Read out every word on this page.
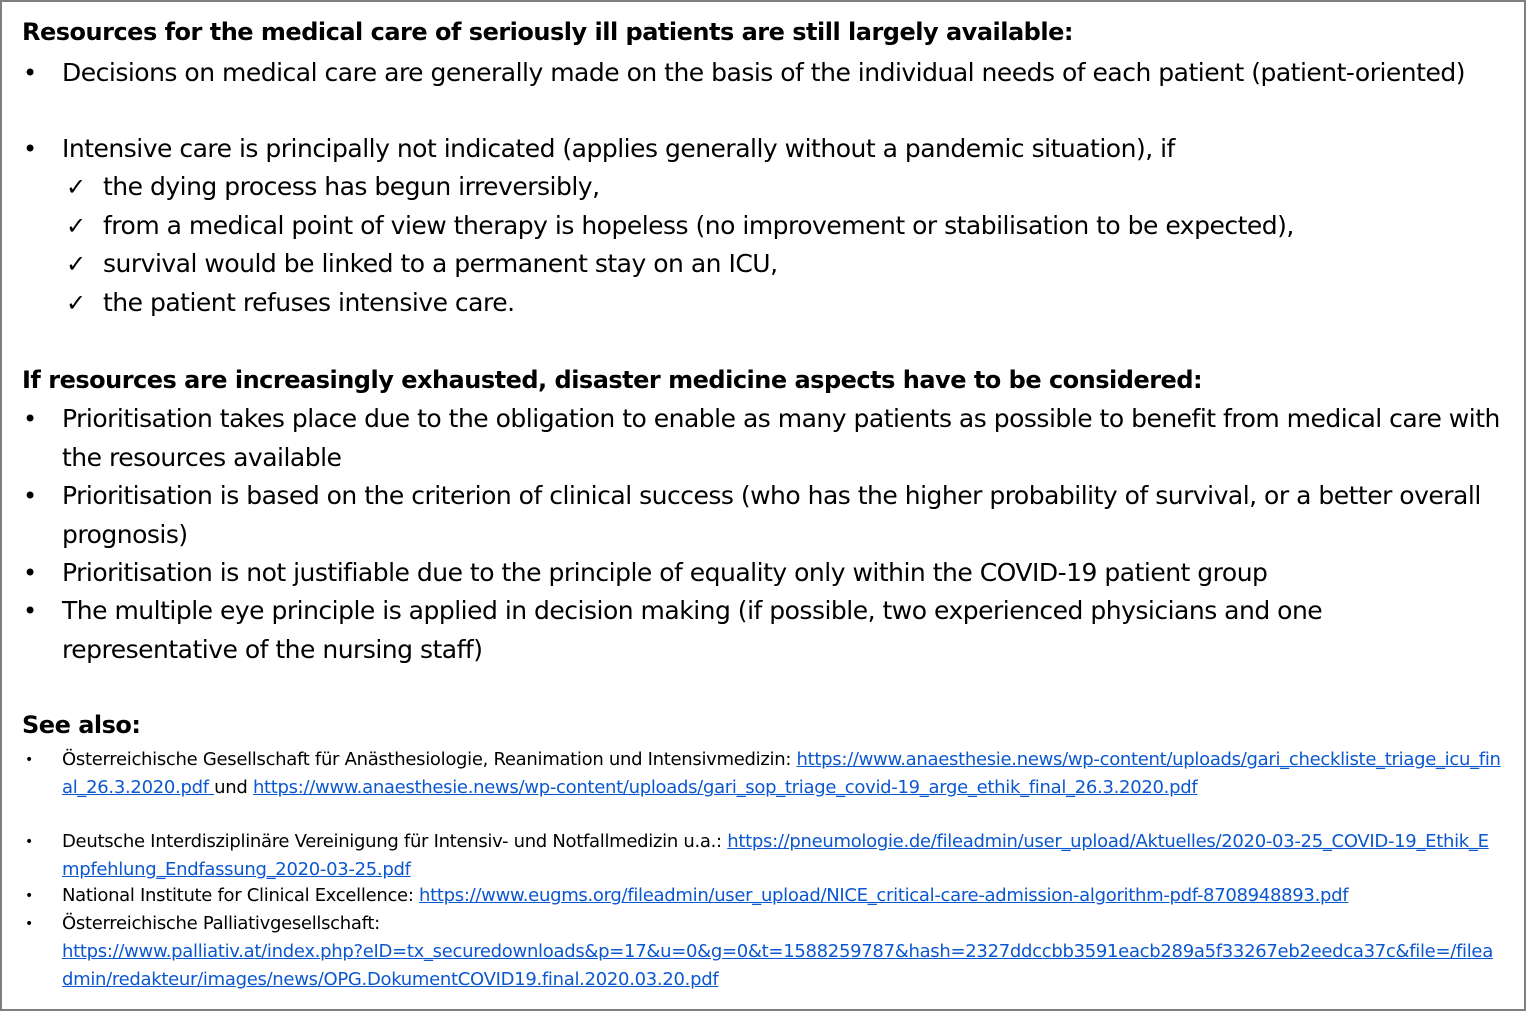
Resources for the medical care of seriously ill patients are still largely available:
• Decisions on medical care are generally made on the basis of the individual needs of each patient (patient-oriented)
• Intensive care is principally not indicated (applies generally without a pandemic situation), if
✓ the dying process has begun irreversibly,
✓ from a medical point of view therapy is hopeless (no improvement or stabilisation to be expected),
✓ survival would be linked to a permanent stay on an ICU,
✓ the patient refuses intensive care.
If resources are increasingly exhausted, disaster medicine aspects have to be considered:
• Prioritisation takes place due to the obligation to enable as many patients as possible to benefit from medical care with the resources available
• Prioritisation is based on the criterion of clinical success (who has the higher probability of survival, or a better overall prognosis)
• Prioritisation is not justifiable due to the principle of equality only within the COVID-19 patient group
• The multiple eye principle is applied in decision making (if possible, two experienced physicians and one representative of the nursing staff)
See also:
• Österreichische Gesellschaft für Anästhesiologie, Reanimation und Intensivmedizin: https://www.anaesthesie.news/wp-content/uploads/gari_checkliste_triage_icu_final_26.3.2020.pdf und https://www.anaesthesie.news/wp-content/uploads/gari_sop_triage_covid-19_arge_ethik_final_26.3.2020.pdf
• Deutsche Interdisziplinäre Vereinigung für Intensiv- und Notfallmedizin u.a.: https://pneumologie.de/fileadmin/user_upload/Aktuelles/2020-03-25_COVID-19_Ethik_Empfehlung_Endfassung_2020-03-25.pdf
• National Institute for Clinical Excellence: https://www.eugms.org/fileadmin/user_upload/NICE_critical-care-admission-algorithm-pdf-8708948893.pdf
• Österreichische Palliativgesellschaft:
https://www.palliativ.at/index.php?eID=tx_securedownloads&p=17&u=0&g=0&t=1588259787&hash=2327ddccbb3591eacb289a5f33267eb2eedca37c&file=/fileadmin/redakteur/images/news/OPG.DokumentCOVID19.final.2020.03.20.pdf
